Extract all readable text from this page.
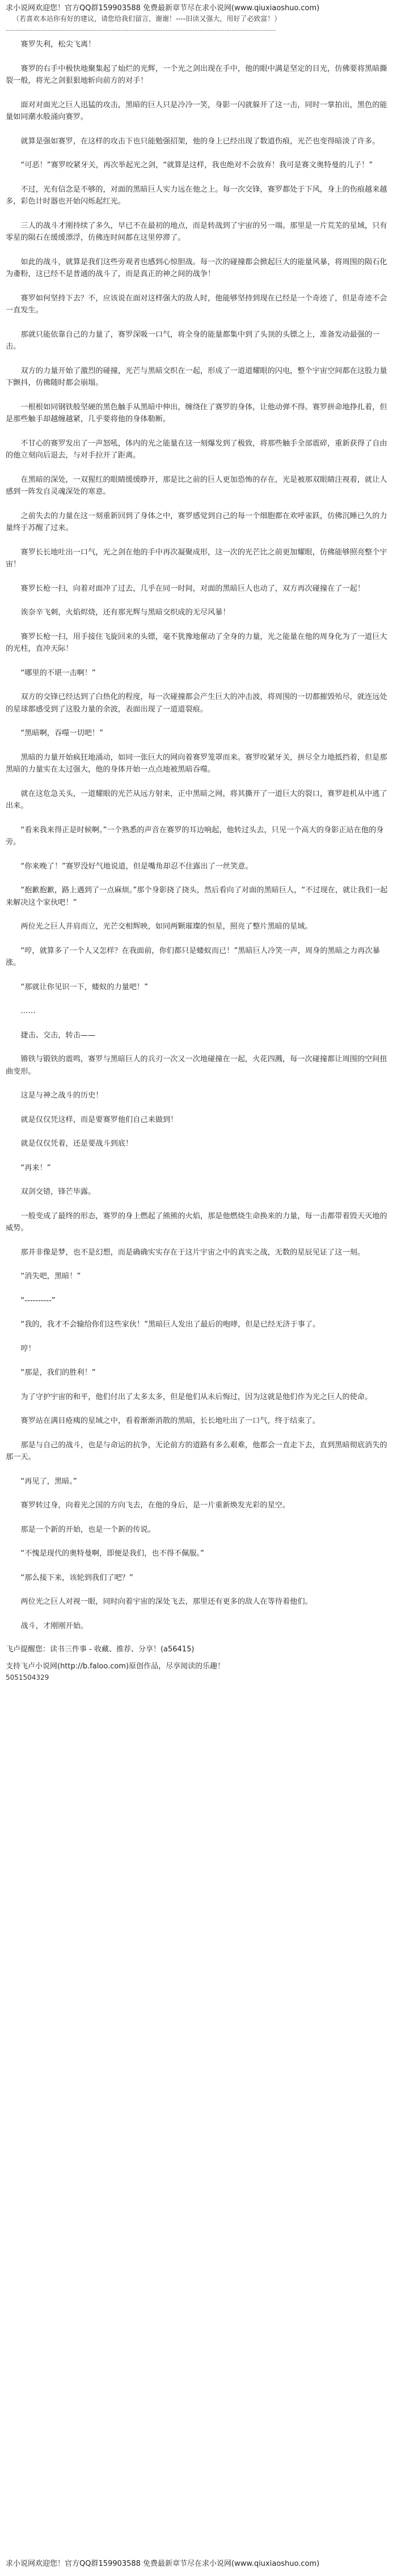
求小说网欢迎您！官方QQ群159903588 免费最新章节尽在求小说网(www.qiuxiaoshuo.com)
（若喜欢本站你有好的建议，请您给我们留言，谢谢！----旧读又强大，用好了必致富！）
--------------------------------------------------------------------------------------------------------------

赛罗失利，松尖飞离！

赛罗的右手中极快地聚集起了灿烂的光辉，一个光之剑出现在手中，他的眼中满是坚定的目光，仿佛要将黑暗撕裂一般，将光之剑狠狠地斩向前方的对手！

面对对面光之巨人迅猛的攻击，黑暗的巨人只是冷冷一笑，身影一闪就躲开了这一击，同时一掌拍出，黑色的能量如同潮水般涌向赛罗。

就算是强如赛罗，在这样的攻击下也只能勉强招架，他的身上已经出现了数道伤痕，光芒也变得暗淡了许多。

“可恶！”赛罗咬紧牙关，再次举起光之剑，“就算是这样，我也绝对不会放弃！我可是赛文奥特曼的儿子！”

不过，光有信念是不够的，对面的黑暗巨人实力远在他之上。每一次交锋，赛罗都处于下风，身上的伤痕越来越多，彩色计时器也开始闪烁起红光。

三人的战斗才刚持续了多久，早已不在最初的地点，而是转战到了宇宙的另一端。那里是一片荒芜的星域，只有零星的陨石在缓缓漂浮，仿佛连时间都在这里停滞了。

如此的战斗，就算是我们这些旁观者也感到心惊胆战。每一次的碰撞都会掀起巨大的能量风暴，将周围的陨石化为齑粉，这已经不是普通的战斗了，而是真正的神之间的战争！

赛罗如何坚持下去？不，应该说在面对这样强大的敌人时，他能够坚持到现在已经是一个奇迹了，但是奇迹不会一直发生。

那就只能依靠自己的力量了，赛罗深吸一口气，将全身的能量都集中到了头顶的头镖之上，准备发动最强的一击。

双方的力量开始了激烈的碰撞，光芒与黑暗交织在一起，形成了一道道耀眼的闪电，整个宇宙空间都在这股力量下颤抖，仿佛随时都会崩塌。

一根根如同钢铁般坚硬的黑色触手从黑暗中伸出，缠绕住了赛罗的身体，让他动弹不得。赛罗拼命地挣扎着，但是那些触手却越缠越紧，几乎要将他的身体勒断。

不甘心的赛罗发出了一声怒吼，体内的光之能量在这一刻爆发到了极致，将那些触手全部震碎，重新获得了自由的他立刻向后退去，与对手拉开了距离。

在黑暗的深处，一双猩红的眼睛缓缓睁开，那是比之前的巨人更加恐怖的存在，光是被那双眼睛注视着，就让人感到一阵发自灵魂深处的寒意。

之前失去的力量在这一刻重新回到了身体之中，赛罗感觉到自己的每一个细胞都在欢呼雀跃，仿佛沉睡已久的力量终于苏醒了过来。

赛罗长长地吐出一口气，光之剑在他的手中再次凝聚成形，这一次的光芒比之前更加耀眼，仿佛能够照亮整个宇宙！

赛罗长枪一扫，向着对面冲了过去，几乎在同一时间，对面的黑暗巨人也动了，双方再次碰撞在了一起！

诶奈辛飞刺，火焰烬烧，还有那光辉与黑暗交织成的无尽风暴！

赛罗长枪一扫，用手接住飞旋回来的头镖，毫不犹豫地催动了全身的力量，光之能量在他的周身化为了一道巨大的光柱，直冲天际！

“哪里的不堪一击啊！”

双方的交锋已经达到了白热化的程度，每一次碰撞都会产生巨大的冲击波，将周围的一切都摧毁殆尽，就连远处的星球都感受到了这股力量的余波，表面出现了一道道裂痕。

“黑暗啊，吞噬一切吧！”

黑暗的力量开始疯狂地涌动，如同一张巨大的网向着赛罗笼罩而来。赛罗咬紧牙关，拼尽全力地抵挡着，但是那黑暗的力量实在太过强大，他的身体开始一点点地被黑暗吞噬。

就在这危急关头，一道耀眼的光芒从远方射来，正中黑暗之网，将其撕开了一道巨大的裂口，赛罗趁机从中逃了出来。

“看来我来得正是时候啊。”一个熟悉的声音在赛罗的耳边响起，他转过头去，只见一个高大的身影正站在他的身旁。

“你来晚了！”赛罗没好气地说道，但是嘴角却忍不住露出了一丝笑意。

“抱歉抱歉，路上遇到了一点麻烦。”那个身影挠了挠头，然后看向了对面的黑暗巨人，“不过现在，就让我们一起来解决这个家伙吧！”

两位光之巨人并肩而立，光芒交相辉映，如同两颗璀璨的恒星，照亮了整片黑暗的星域。

“哼，就算多了一个人又怎样？在我面前，你们都只是蝼蚁而已！”黑暗巨人冷笑一声，周身的黑暗之力再次暴涨。

“那就让你见识一下，蝼蚁的力量吧！”

……

捷击、交击，转击——

锵铁与锻铁的震鸣，赛罗与黑暗巨人的兵刃一次又一次地碰撞在一起，火花四溅，每一次碰撞都让周围的空间扭曲变形。

这是与神之战斗的历史！

就是仅仅凭这样，而是要赛罗他们自己来做到！

就是仅仅凭着，还是要战斗到底！

“再来！”

双剑交错，锋芒毕露。

一般变成了最终的形态，赛罗的身上燃起了熊熊的火焰，那是他燃烧生命换来的力量，每一击都带着毁天灭地的威势。

那并非像是梦，也不是幻想，而是确确实实存在于这片宇宙之中的真实之战，无数的星辰见证了这一刻。

“消失吧，黑暗！”

“----------”

“我的，我才不会输给你们这些家伙！”黑暗巨人发出了最后的咆哮，但是已经无济于事了。

哼！

“那是，我们的胜利！”

为了守护宇宙的和平，他们付出了太多太多，但是他们从未后悔过，因为这就是他们作为光之巨人的使命。

赛罗站在满目疮痍的星域之中，看着渐渐消散的黑暗，长长地吐出了一口气，终于结束了。

那是与自己的战斗，也是与命运的抗争，无论前方的道路有多么艰难，他都会一直走下去，直到黑暗彻底消失的那一天。

“再见了，黑暗。”

赛罗转过身，向着光之国的方向飞去，在他的身后，是一片重新焕发光彩的星空。

那是一个新的开始，也是一个新的传说。

“不愧是现代的奥特曼啊，即便是我们，也不得不佩服。”

“那么接下来，该轮到我们了吧？”

两位光之巨人对视一眼，同时向着宇宙的深处飞去，那里还有更多的敌人在等待着他们。

战斗，才刚刚开始。

飞卢提醒您：读书三件事 - 收藏、推荐、分享！(a56415)
支持飞卢小说网(http://b.faloo.com)原创作品，尽享阅读的乐趣！
5051504329
求小说网欢迎您！官方QQ群159903588 免费最新章节尽在求小说网(www.qiuxiaoshuo.com)
